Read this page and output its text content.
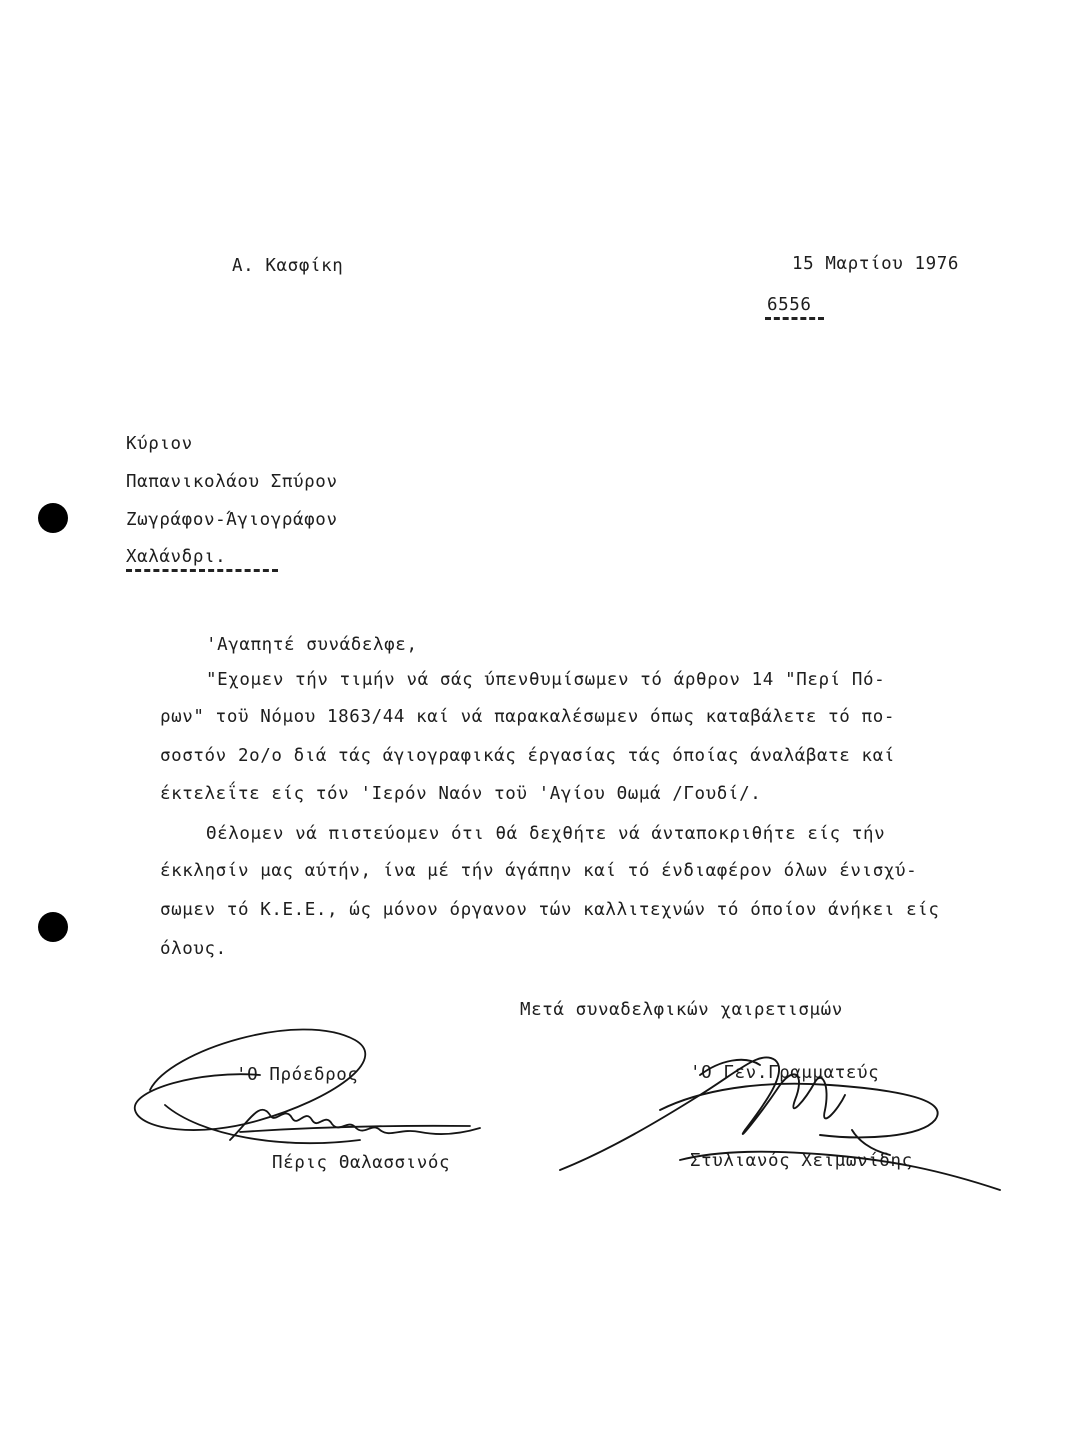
Α. Κασφίκη	15 Μαρτίου 1976
6556
Κύριον
Παπανικολάου Σπύρον
Ζωγράφον-Άγιογράφον
Χαλάνδρι.
'Αγαπητέ συνάδελφε,
"Εχομεν τήν τιμήν νά σάς ύπενθυμίσωμεν τό άρθρον 14 "Περί Πό-
ρων" τοϋ Νόμου 1863/44 καί νά παρακαλέσωμεν όπως καταβάλετε τό πο-
σοστόν 2ο/ο διά τάς άγιογραφικάς έργασίας τάς όποίας άναλάβατε καί
έκτελεΐτε είς τόν 'Ιερόν Ναόν τοϋ 'Αγίου Θωμά /Γουδί/.
Θέλομεν νά πιστεύομεν ότι θά δεχθήτε νά άνταποκριθήτε είς τήν
έκκλησίν μας αύτήν, ίνα μέ τήν άγάπην καί τό ένδιαφέρον όλων ένισχύ-
σωμεν τό Κ.Ε.Ε., ώς μόνον όργανον τών καλλιτεχνών τό όποίον άνήκει είς
όλους.
Μετά συναδελφικών χαιρετισμών
'Ο Πρόεδρος
Πέρις Θαλασσινός
'Ο Γεν.Γραμματεύς
Στυλιανός Χειμωνίδης
